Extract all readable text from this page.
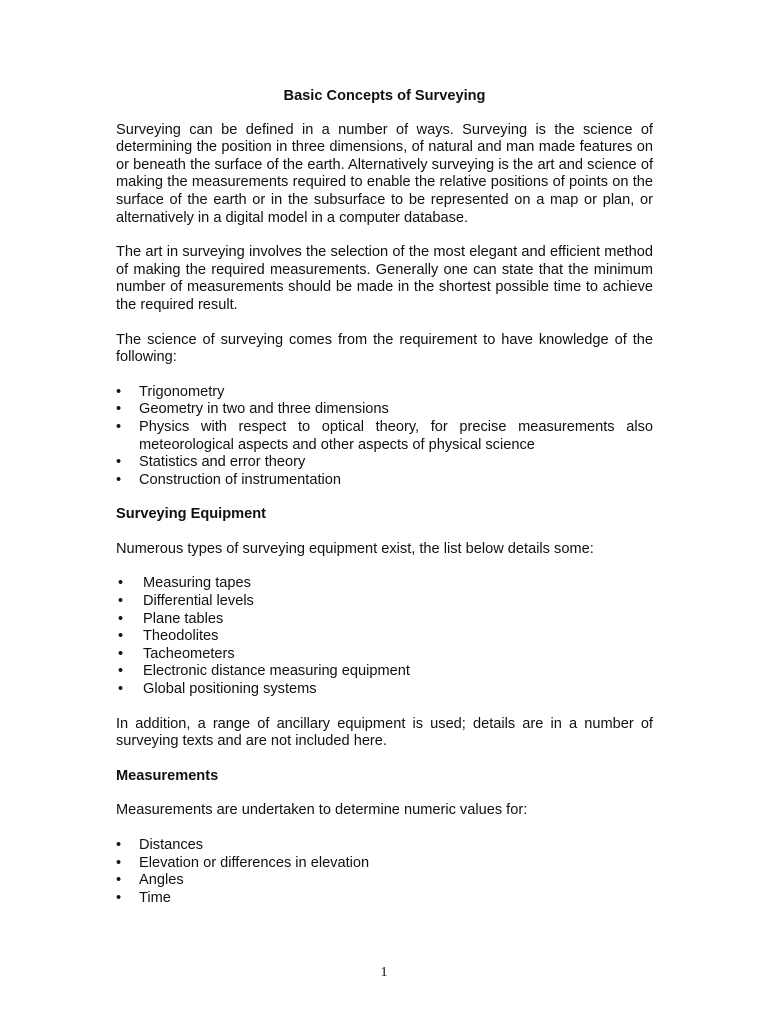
Basic Concepts of Surveying

Surveying can be defined in a number of ways. Surveying is the science of determining the position in three dimensions, of natural and man made features on or beneath the surface of the earth. Alternatively surveying is the art and science of making the measurements required to enable the relative positions of points on the surface of the earth or in the subsurface to be represented on a map or plan, or alternatively in a digital model in a computer database.

The art in surveying involves the selection of the most elegant and efficient method of making the required measurements. Generally one can state that the minimum number of measurements should be made in the shortest possible time to achieve the required result.

The science of surveying comes from the requirement to have knowledge of the following:

• Trigonometry
• Geometry in two and three dimensions
• Physics with respect to optical theory, for precise measurements also meteorological aspects and other aspects of physical science
• Statistics and error theory
• Construction of instrumentation
Surveying Equipment

Numerous types of surveying equipment exist, the list below details some:

• Measuring tapes
• Differential levels
• Plane tables
• Theodolites
• Tacheometers
• Electronic distance measuring equipment
• Global positioning systems

In addition, a range of ancillary equipment is used; details are in a number of surveying texts and are not included here.

Measurements

Measurements are undertaken to determine numeric values for:

• Distances
• Elevation or differences in elevation
• Angles
• Time
1
